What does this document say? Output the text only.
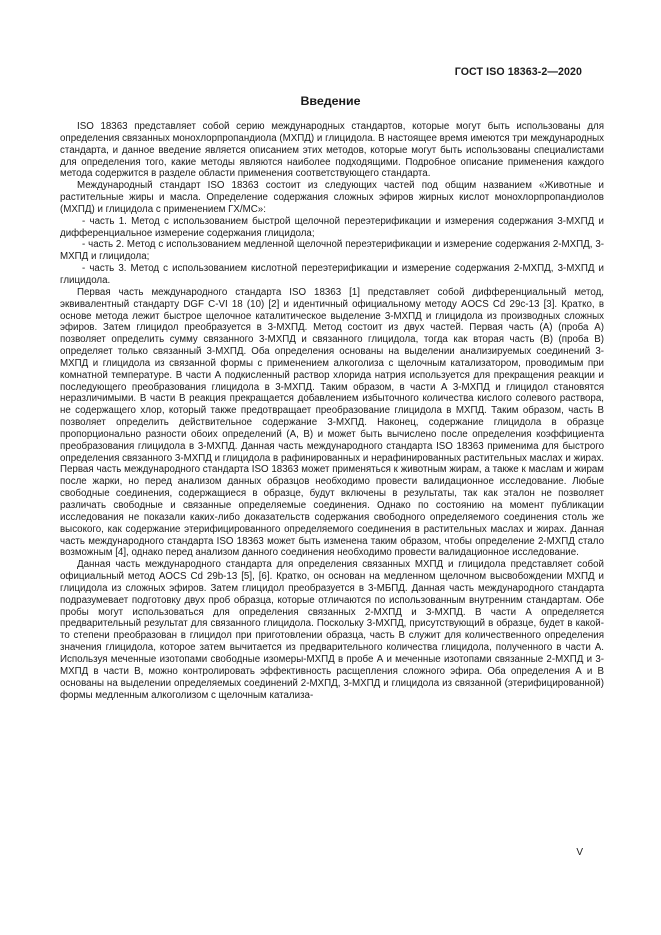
ГОСТ ISO 18363-2—2020
Введение

ISO 18363 представляет собой серию международных стандартов, которые могут быть использованы для определения связанных монохлорпропандиола (МХПД) и глицидола. В настоящее время имеются три международных стандарта, и данное введение является описанием этих методов, которые могут быть использованы специалистами для определения того, какие методы являются наиболее подходящими. Подробное описание применения каждого метода содержится в разделе области применения соответствующего стандарта.

Международный стандарт ISO 18363 состоит из следующих частей под общим названием «Животные и растительные жиры и масла. Определение содержания сложных эфиров жирных кислот монохлорпропандиолов (МХПД) и глицидола с применением ГХ/МС»:

- часть 1. Метод с использованием быстрой щелочной переэтерификации и измерения содержания 3-МХПД и дифференциальное измерение содержания глицидола;

- часть 2. Метод с использованием медленной щелочной переэтерификации и измерение содержания 2-МХПД, 3-МХПД и глицидола;

- часть 3. Метод с использованием кислотной переэтерификации и измерение содержания 2-МХПД, 3-МХПД и глицидола.

Первая часть международного стандарта ISO 18363 [1] представляет собой дифференциальный метод, эквивалентный стандарту DGF C-VI 18 (10) [2] и идентичный официальному методу AOCS Cd 29c-13 [3]. Кратко, в основе метода лежит быстрое щелочное каталитическое выделение 3-МХПД и глицидола из производных сложных эфиров. Затем глицидол преобразуется в 3-МХПД. Метод состоит из двух частей. Первая часть (А) (проба А) позволяет определить сумму связанного 3-МХПД и связанного глицидола, тогда как вторая часть (В) (проба В) определяет только связанный 3-МХПД. Оба определения основаны на выделении анализируемых соединений 3-МХПД и глицидола из связанной формы с применением алкоголиза с щелочным катализатором, проводимым при комнатной температуре. В части А подкисленный раствор хлорида натрия используется для прекращения реакции и последующего преобразования глицидола в 3-МХПД. Таким образом, в части А 3-МХПД и глицидол становятся неразличимыми. В части В реакция прекращается добавлением избыточного количества кислого солевого раствора, не содержащего хлор, который также предотвращает преобразование глицидола в МХПД. Таким образом, часть В позволяет определить действительное содержание 3-МХПД. Наконец, содержание глицидола в образце пропорционально разности обоих определений (А, В) и может быть вычислено после определения коэффициента преобразования глицидола в 3-МХПД. Данная часть международного стандарта ISO 18363 применима для быстрого определения связанного 3-МХПД и глицидола в рафинированных и нерафинированных растительных маслах и жирах. Первая часть международного стандарта ISO 18363 может применяться к животным жирам, а также к маслам и жирам после жарки, но перед анализом данных образцов необходимо провести валидационное исследование. Любые свободные соединения, содержащиеся в образце, будут включены в результаты, так как эталон не позволяет различать свободные и связанные определяемые соединения. Однако по состоянию на момент публикации исследования не показали каких-либо доказательств содержания свободного определяемого соединения столь же высокого, как содержание этерифицированного определяемого соединения в растительных маслах и жирах. Данная часть международного стандарта ISO 18363 может быть изменена таким образом, чтобы определение 2-МХПД стало возможным [4], однако перед анализом данного соединения необходимо провести валидационное исследование.

Данная часть международного стандарта для определения связанных МХПД и глицидола представляет собой официальный метод AOCS Cd 29b-13 [5], [6]. Кратко, он основан на медленном щелочном высвобождении МХПД и глицидола из сложных эфиров. Затем глицидол преобразуется в 3-МБПД. Данная часть международного стандарта подразумевает подготовку двух проб образца, которые отличаются по использованным внутренним стандартам. Обе пробы могут использоваться для определения связанных 2-МХПД и 3-МХПД. В части А определяется предварительный результат для связанного глицидола. Поскольку 3-МХПД, присутствующий в образце, будет в какой-то степени преобразован в глицидол при приготовлении образца, часть В служит для количественного определения значения глицидола, которое затем вычитается из предварительного количества глицидола, полученного в части А. Используя меченные изотопами свободные изомеры-МХПД в пробе А и меченные изотопами связанные 2-МХПД и 3-МХПД в части В, можно контролировать эффективность расщепления сложного эфира. Оба определения А и В основаны на выделении определяемых соединений 2-МХПД, 3-МХПД и глицидола из связанной (этерифицированной) формы медленным алкоголизом с щелочным катализа-

V
